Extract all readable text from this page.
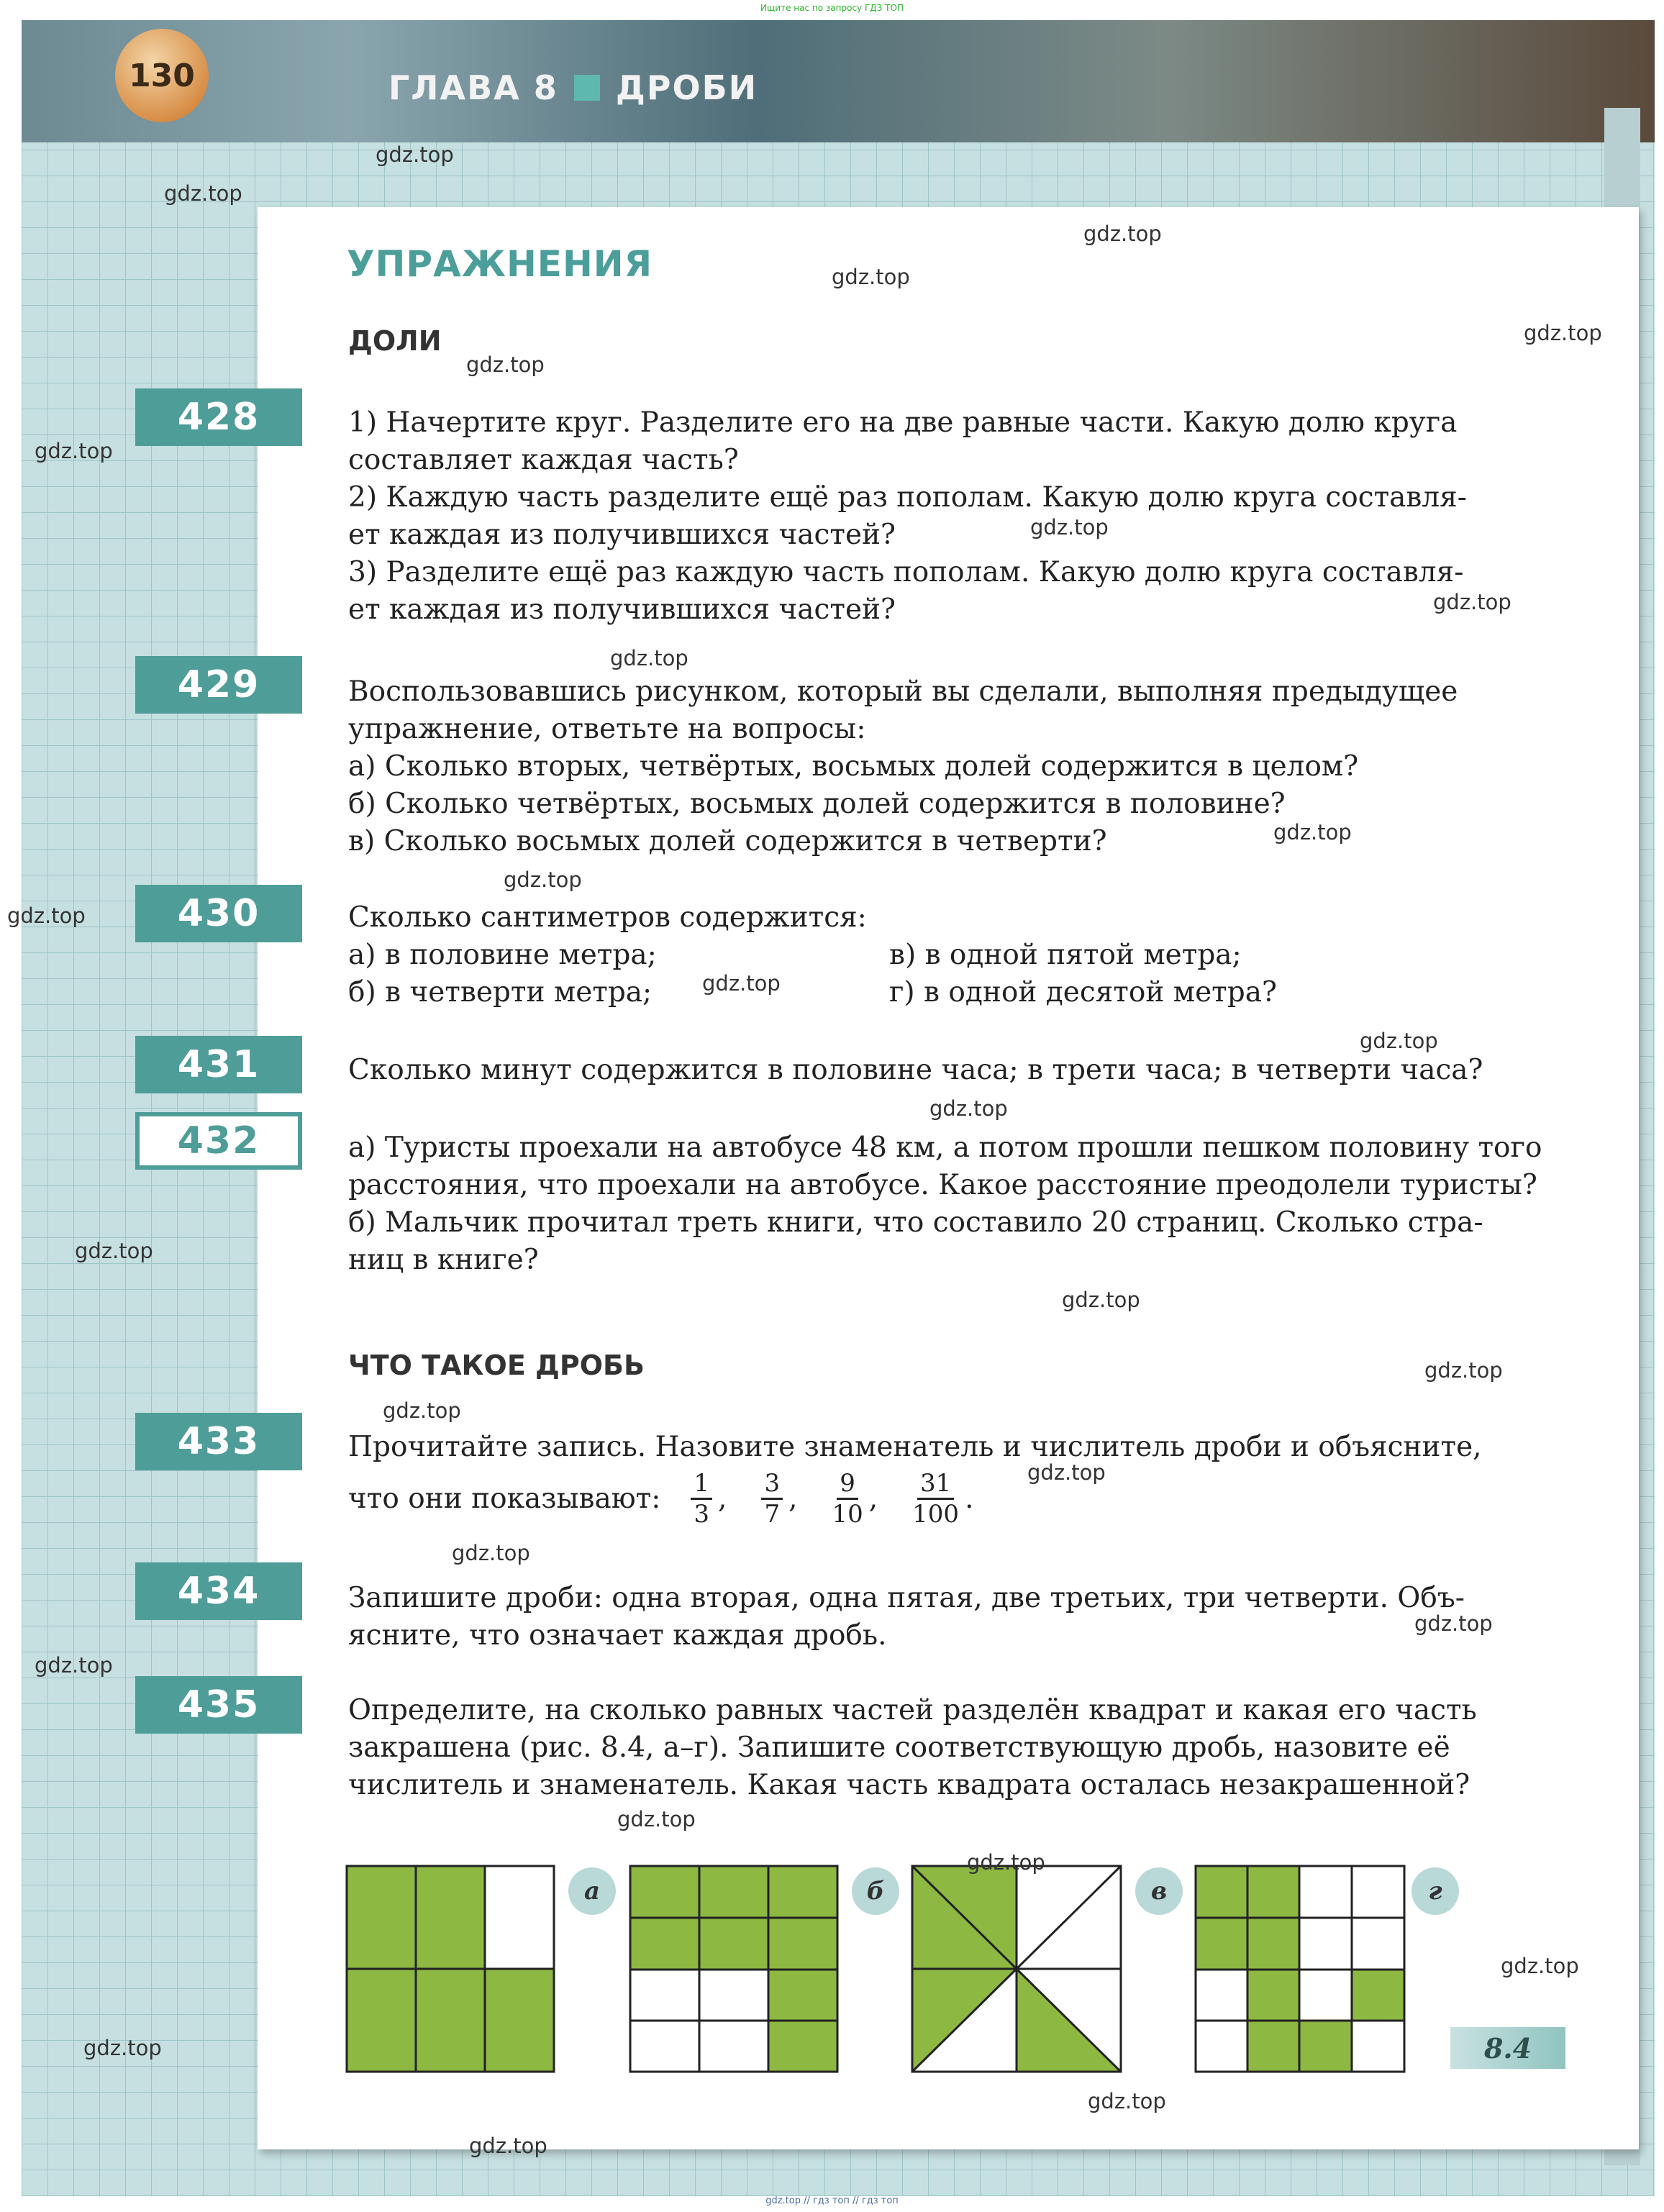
Ищите нас по запросу ГДЗ ТОП
130	ГЛАВА 8 ДРОБИ
УПРАЖНЕНИЯ
ДОЛИ
428	1) Начертите круг. Разделите его на две равные части. Какую долю круга
составляет каждая часть?
2) Каждую часть разделите ещё раз пополам. Какую долю круга составля-
ет каждая из получившихся частей?
3) Разделите ещё раз каждую часть пополам. Какую долю круга составля-
ет каждая из получившихся частей?
429	Воспользовавшись рисунком, который вы сделали, выполняя предыдущее
упражнение, ответьте на вопросы:
а) Сколько вторых, четвёртых, восьмых долей содержится в целом?
б) Сколько четвёртых, восьмых долей содержится в половине?
в) Сколько восьмых долей содержится в четверти?
430	Сколько сантиметров содержится:
а) в половине метра;
б) в четверти метра;
в) в одной пятой метра;
г) в одной десятой метра?
431	Сколько минут содержится в половине часа; в трети часа; в четверти часа?
432	а) Туристы проехали на автобусе 48 км, а потом прошли пешком половину того
расстояния, что проехали на автобусе. Какое расстояние преодолели туристы?
б) Мальчик прочитал треть книги, что составило 20 страниц. Сколько стра-
ниц в книге?
ЧТО ТАКОЕ ДРОБЬ
433	Прочитайте запись. Назовите знаменатель и числитель дроби и объясните,
что они показывают: $\frac{1}{3}$ , $\frac{3}{7}$ , $\frac{9}{10}$ , $\frac{31}{100}$ .
434	Запишите дроби: одна вторая, одна пятая, две третьих, три четверти. Объ-
ясните, что означает каждая дробь.
435	Определите, на сколько равных частей разделён квадрат и какая его часть
закрашена (рис. 8.4, а–г). Запишите соответствующую дробь, назовите её
числитель и знаменатель. Какая часть квадрата осталась незакрашенной?
а	б	в	г
8.4
gdz.top
gdz.top
gdz.top
gdz.top
gdz.top
gdz.top
gdz.top
gdz.top
gdz.top
gdz.top
gdz.top
gdz.top
gdz.top
gdz.top
gdz.top
gdz.top
gdz.top
gdz.top
gdz.top
gdz.top
gdz.top
gdz.top
gdz.top
gdz.top
gdz.top
gdz.top
gdz.top
gdz.top
gdz.top
gdz.top
gdz.top // гдз топ // гдз топ
